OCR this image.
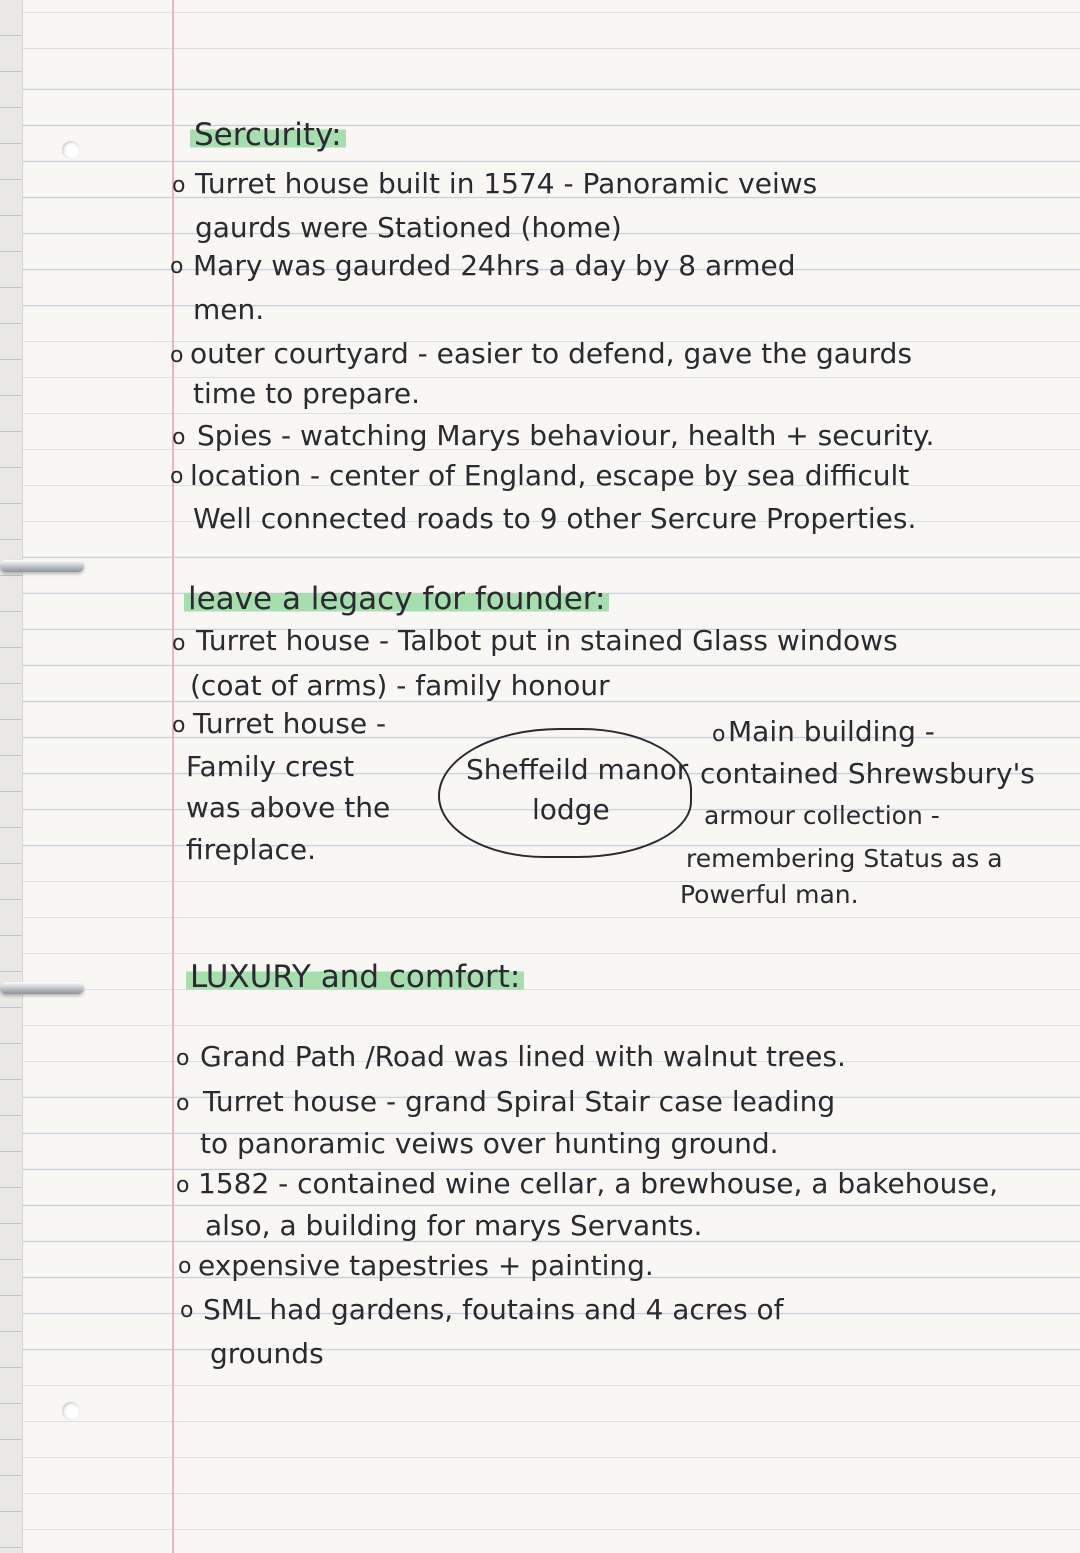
Sercurity:
o Turret house built in 1574 - Panoramic veiws
gaurds were Stationed (home)
o Mary was gaurded 24hrs a day by 8 armed
men.
o outer courtyard - easier to defend, gave the gaurds
time to prepare.
o Spies - watching Marys behaviour, health + security.
o location - center of England, escape by sea difficult
Well connected roads to 9 other Sercure Properties.
leave a legacy for founder:
o Turret house - Talbot put in stained Glass windows
(coat of arms) - family honour
o Turret house -
Family crest
was above the
fireplace.
Sheffeild manor
lodge
o Main building -
contained Shrewsbury's
armour collection -
remembering Status as a
Powerful man.
LUXURY and comfort:
o Grand Path /Road was lined with walnut trees.
o Turret house - grand Spiral Stair case leading
to panoramic veiws over hunting ground.
o 1582 - contained wine cellar, a brewhouse, a bakehouse,
also, a building for marys Servants.
o expensive tapestries + painting.
o SML had gardens, foutains and 4 acres of
grounds
